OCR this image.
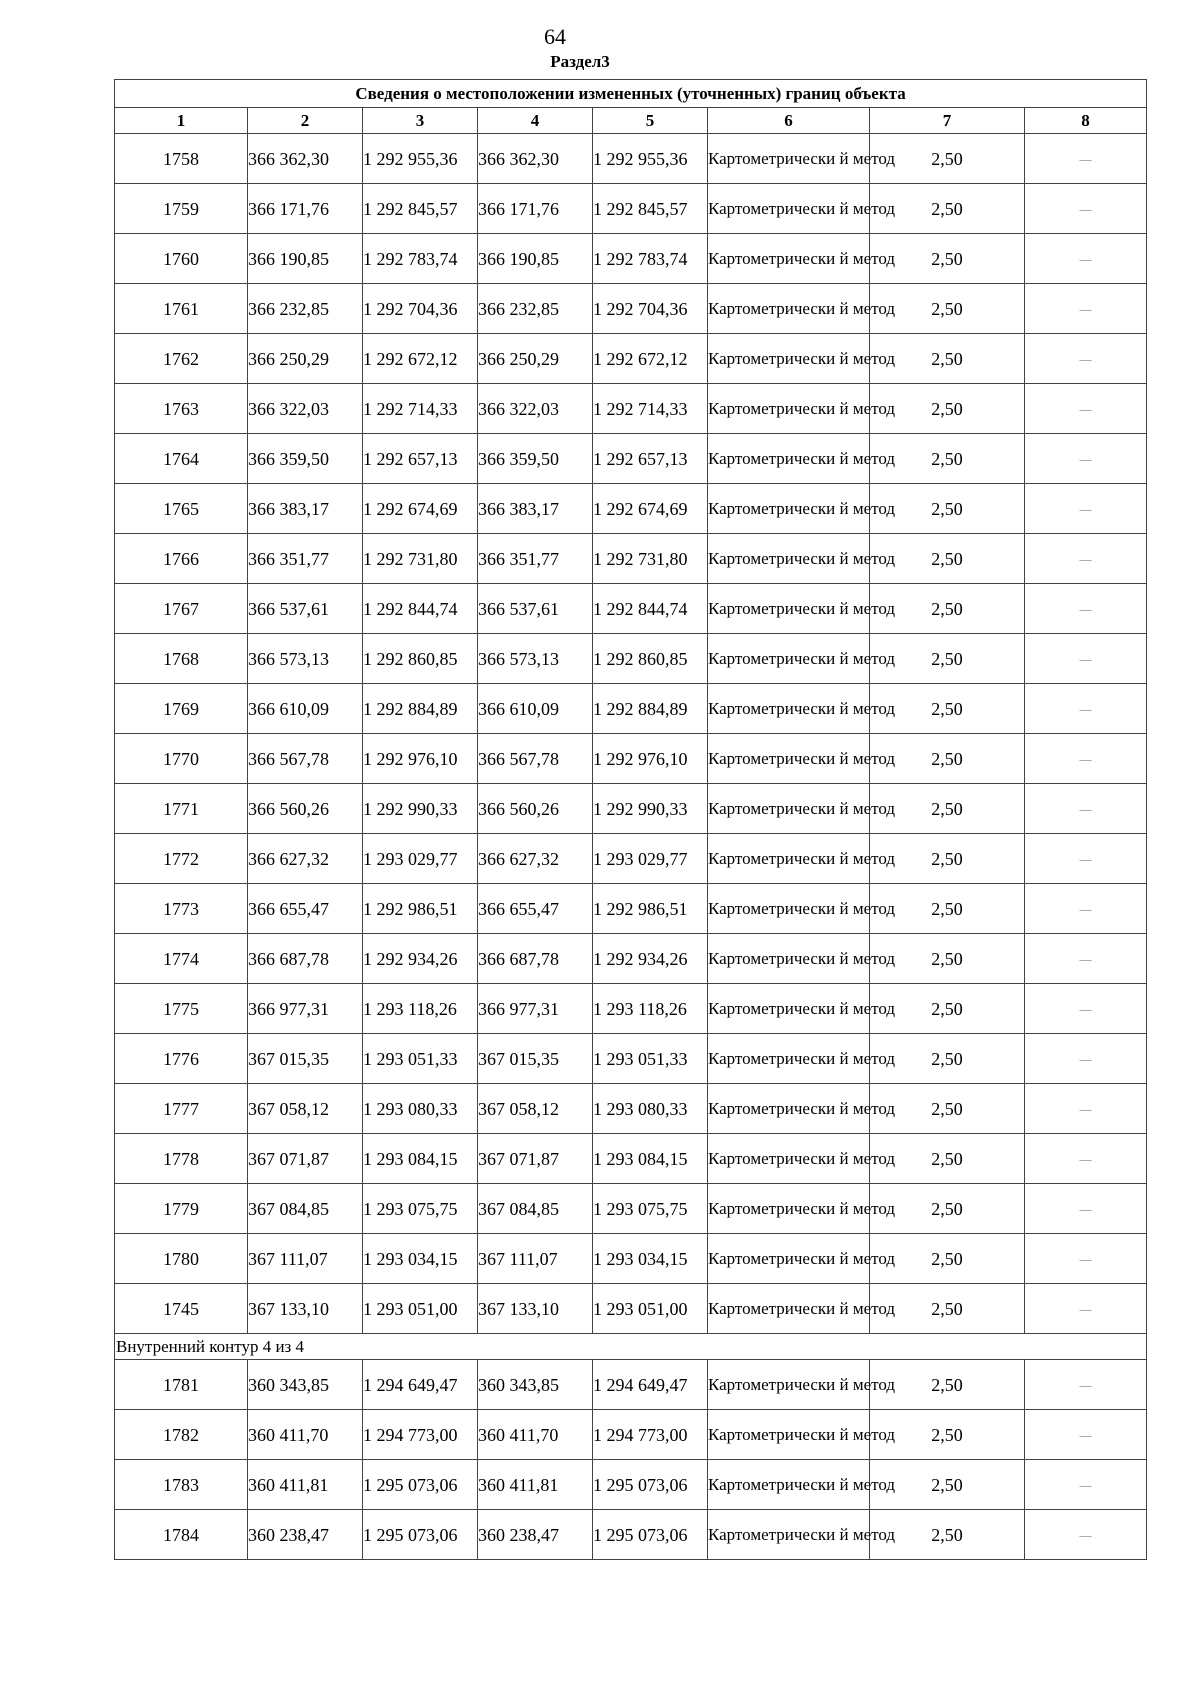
64
Раздел3
Сведения о местоположении измененных (уточненных) границ объекта							
1	2	3	4	5	6	7	8
1758	366 362,30	1 292 955,36	366 362,30	1 292 955,36	Картометрически й метод	2,50	—
1759	366 171,76	1 292 845,57	366 171,76	1 292 845,57	Картометрически й метод	2,50	—
1760	366 190,85	1 292 783,74	366 190,85	1 292 783,74	Картометрически й метод	2,50	—
1761	366 232,85	1 292 704,36	366 232,85	1 292 704,36	Картометрически й метод	2,50	—
1762	366 250,29	1 292 672,12	366 250,29	1 292 672,12	Картометрически й метод	2,50	—
1763	366 322,03	1 292 714,33	366 322,03	1 292 714,33	Картометрически й метод	2,50	—
1764	366 359,50	1 292 657,13	366 359,50	1 292 657,13	Картометрически й метод	2,50	—
1765	366 383,17	1 292 674,69	366 383,17	1 292 674,69	Картометрически й метод	2,50	—
1766	366 351,77	1 292 731,80	366 351,77	1 292 731,80	Картометрически й метод	2,50	—
1767	366 537,61	1 292 844,74	366 537,61	1 292 844,74	Картометрически й метод	2,50	—
1768	366 573,13	1 292 860,85	366 573,13	1 292 860,85	Картометрически й метод	2,50	—
1769	366 610,09	1 292 884,89	366 610,09	1 292 884,89	Картометрически й метод	2,50	—
1770	366 567,78	1 292 976,10	366 567,78	1 292 976,10	Картометрически й метод	2,50	—
1771	366 560,26	1 292 990,33	366 560,26	1 292 990,33	Картометрически й метод	2,50	—
1772	366 627,32	1 293 029,77	366 627,32	1 293 029,77	Картометрически й метод	2,50	—
1773	366 655,47	1 292 986,51	366 655,47	1 292 986,51	Картометрически й метод	2,50	—
1774	366 687,78	1 292 934,26	366 687,78	1 292 934,26	Картометрически й метод	2,50	—
1775	366 977,31	1 293 118,26	366 977,31	1 293 118,26	Картометрически й метод	2,50	—
1776	367 015,35	1 293 051,33	367 015,35	1 293 051,33	Картометрически й метод	2,50	—
1777	367 058,12	1 293 080,33	367 058,12	1 293 080,33	Картометрически й метод	2,50	—
1778	367 071,87	1 293 084,15	367 071,87	1 293 084,15	Картометрически й метод	2,50	—
1779	367 084,85	1 293 075,75	367 084,85	1 293 075,75	Картометрически й метод	2,50	—
1780	367 111,07	1 293 034,15	367 111,07	1 293 034,15	Картометрически й метод	2,50	—
1745	367 133,10	1 293 051,00	367 133,10	1 293 051,00	Картометрически й метод	2,50	—
Внутренний контур 4 из 4							
1781	360 343,85	1 294 649,47	360 343,85	1 294 649,47	Картометрически й метод	2,50	—
1782	360 411,70	1 294 773,00	360 411,70	1 294 773,00	Картометрически й метод	2,50	—
1783	360 411,81	1 295 073,06	360 411,81	1 295 073,06	Картометрически й метод	2,50	—
1784	360 238,47	1 295 073,06	360 238,47	1 295 073,06	Картометрически й метод	2,50	—
